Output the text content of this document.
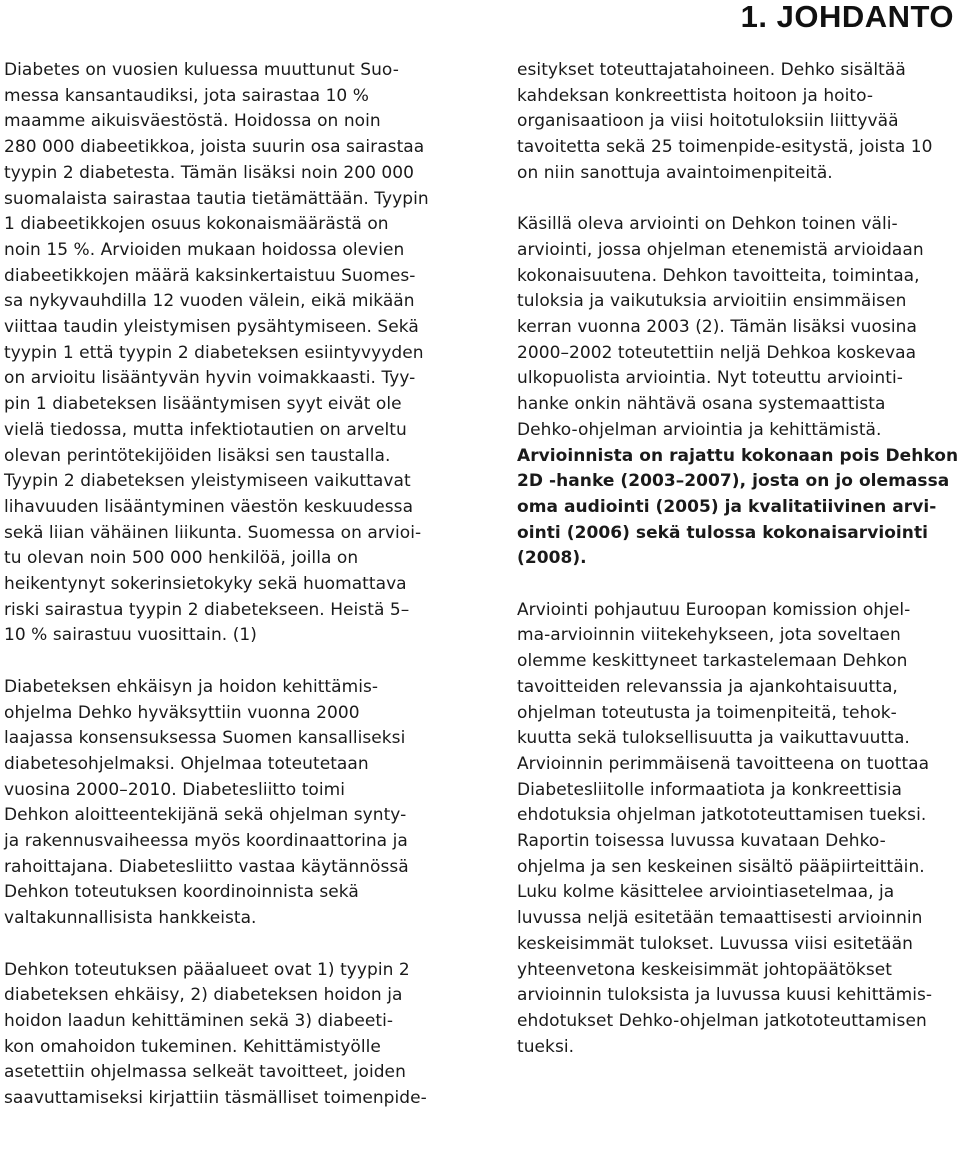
1. JOHDANTO
Diabetes on vuosien kuluessa muuttunut Suo-
messa kansantaudiksi, jota sairastaa 10 %
maamme aikuisväestöstä. Hoidossa on noin
280 000 diabeetikkoa, joista suurin osa sairastaa
tyypin 2 diabetesta. Tämän lisäksi noin 200 000
suomalaista sairastaa tautia tietämättään. Tyypin
1 diabeetikkojen osuus kokonaismäärästä on
noin 15 %. Arvioiden mukaan hoidossa olevien
diabeetikkojen määrä kaksinkertaistuu Suomes-
sa nykyvauhdilla 12 vuoden välein, eikä mikään
viittaa taudin yleistymisen pysähtymiseen. Sekä
tyypin 1 että tyypin 2 diabeteksen esiintyvyyden
on arvioitu lisääntyvän hyvin voimakkaasti. Tyy-
pin 1 diabeteksen lisääntymisen syyt eivät ole
vielä tiedossa, mutta infektiotautien on arveltu
olevan perintötekijöiden lisäksi sen taustalla.
Tyypin 2 diabeteksen yleistymiseen vaikuttavat
lihavuuden lisääntyminen väestön keskuudessa
sekä liian vähäinen liikunta. Suomessa on arvioi-
tu olevan noin 500 000 henkilöä, joilla on
heikentynyt sokerinsietokyky sekä huomattava
riski sairastua tyypin 2 diabetekseen. Heistä 5–
10 % sairastuu vuosittain. (1)
Diabeteksen ehkäisyn ja hoidon kehittämis-
ohjelma Dehko hyväksyttiin vuonna 2000
laajassa konsensuksessa Suomen kansalliseksi
diabetesohjelmaksi. Ohjelmaa toteutetaan
vuosina 2000–2010. Diabetesliitto toimi
Dehkon aloitteentekijänä sekä ohjelman synty-
ja rakennusvaiheessa myös koordinaattorina ja
rahoittajana. Diabetesliitto vastaa käytännössä
Dehkon toteutuksen koordinoinnista sekä
valtakunnallisista hankkeista.
Dehkon toteutuksen pääalueet ovat 1) tyypin 2
diabeteksen ehkäisy, 2) diabeteksen hoidon ja
hoidon laadun kehittäminen sekä 3) diabeeti-
kon omahoidon tukeminen. Kehittämistyölle
asetettiin ohjelmassa selkeät tavoitteet, joiden
saavuttamiseksi kirjattiin täsmälliset toimenpide-
esitykset toteuttajatahoineen. Dehko sisältää
kahdeksan konkreettista hoitoon ja hoito-
organisaatioon ja viisi hoitotuloksiin liittyvää
tavoitetta sekä 25 toimenpide-esitystä, joista 10
on niin sanottuja avaintoimenpiteitä.
Käsillä oleva arviointi on Dehkon toinen väli-
arviointi, jossa ohjelman etenemistä arvioidaan
kokonaisuutena. Dehkon tavoitteita, toimintaa,
tuloksia ja vaikutuksia arvioitiin ensimmäisen
kerran vuonna 2003 (2). Tämän lisäksi vuosina
2000–2002 toteutettiin neljä Dehkoa koskevaa
ulkopuolista arviointia. Nyt toteuttu arviointi-
hanke onkin nähtävä osana systemaattista
Dehko-ohjelman arviointia ja kehittämistä.
Arvioinnista on rajattu kokonaan pois Dehkon
2D -hanke (2003–2007), josta on jo olemassa
oma audiointi (2005) ja kvalitatiivinen arvi-
ointi (2006) sekä tulossa kokonaisarviointi
(2008).
Arviointi pohjautuu Euroopan komission ohjel-
ma-arvioinnin viitekehykseen, jota soveltaen
olemme keskittyneet tarkastelemaan Dehkon
tavoitteiden relevanssia ja ajankohtaisuutta,
ohjelman toteutusta ja toimenpiteitä, tehok-
kuutta sekä tuloksellisuutta ja vaikuttavuutta.
Arvioinnin perimmäisenä tavoitteena on tuottaa
Diabetesliitolle informaatiota ja konkreettisia
ehdotuksia ohjelman jatkototeuttamisen tueksi.
Raportin toisessa luvussa kuvataan Dehko-
ohjelma ja sen keskeinen sisältö pääpiirteittäin.
Luku kolme käsittelee arviointiasetelmaa, ja
luvussa neljä esitetään temaattisesti arvioinnin
keskeisimmät tulokset. Luvussa viisi esitetään
yhteenvetona keskeisimmät johtopäätökset
arvioinnin tuloksista ja luvussa kuusi kehittämis-
ehdotukset Dehko-ohjelman jatkototeuttamisen
tueksi.
